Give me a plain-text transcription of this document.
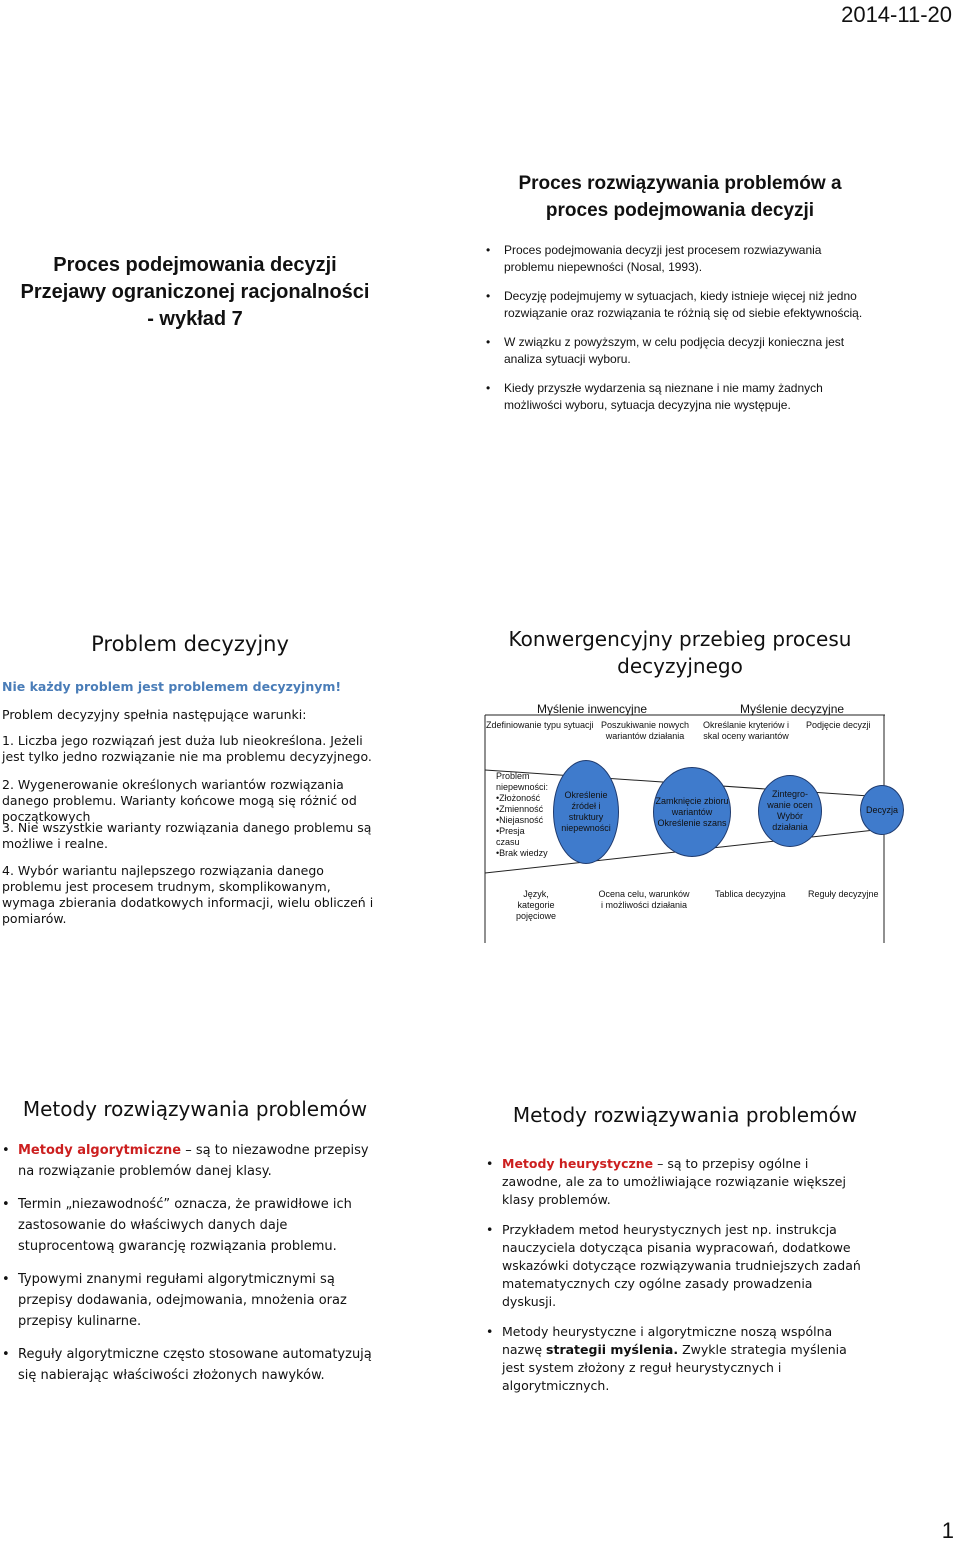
2014-11-20
1
Proces podejmowania decyzji
Przejawy ograniczonej racjonalności
- wykład 7
Proces rozwiązywania problemów a
proces podejmowania decyzji
• Proces podejmowania decyzji jest procesem rozwiazywania problemu niepewności (Nosal, 1993).
• Decyzję podejmujemy w sytuacjach, kiedy istnieje więcej niż jedno rozwiązanie oraz rozwiązania te różnią się od siebie efektywnością.
• W związku z powyższym, w celu podjęcia decyzji konieczna jest analiza sytuacji wyboru.
• Kiedy przyszłe wydarzenia są nieznane i nie mamy żadnych możliwości wyboru, sytuacja decyzyjna nie występuje.
Problem decyzyjny
Nie każdy problem jest problemem decyzyjnym!
Problem decyzyjny spełnia następujące warunki:
1. Liczba jego rozwiązań jest duża lub nieokreślona. Jeżeli jest tylko jedno rozwiązanie nie ma problemu decyzyjnego.
2. Wygenerowanie określonych wariantów rozwiązania danego problemu. Warianty końcowe mogą się różnić od początkowych
3. Nie wszystkie warianty rozwiązania danego problemu są możliwe i realne.
4. Wybór wariantu najlepszego rozwiązania danego problemu jest procesem trudnym, skomplikowanym, wymaga zbierania dodatkowych informacji, wielu obliczeń i pomiarów.
Konwergencyjny przebieg procesu
decyzyjnego
Myślenie inwencyjne	Myślenie decyzyjne
Zdefiniowanie typu sytuacji Poszukiwanie nowych wariantów działania
Określanie kryteriów i skal oceny wariantów
Podjęcie decyzji
Problem
niepewności:
•Złożoność
•Zmienność
•Niejasność
•Presja
czasu
•Brak wiedzy
Określenie źródeł i struktury niepewności
Zamknięcie zbioru wariantów Określenie szans
Zintegro- wanie ocen Wybór działania
Decyzja
Język, kategorie pojęciowe
Ocena celu, warunków i możliwości działania
Tablica decyzyjna	Reguły decyzyjne
Metody rozwiązywania problemów
• Metody algorytmiczne – są to niezawodne przepisy na rozwiązanie problemów danej klasy.
• Termin „niezawodność” oznacza, że prawidłowe ich zastosowanie do właściwych danych daje stuprocentową gwarancję rozwiązania problemu.
• Typowymi znanymi regułami algorytmicznymi są przepisy dodawania, odejmowania, mnożenia oraz przepisy kulinarne.
• Reguły algorytmiczne często stosowane automatyzują się nabierając właściwości złożonych nawyków.
Metody rozwiązywania problemów
• Metody heurystyczne – są to przepisy ogólne i zawodne, ale za to umożliwiające rozwiązanie większej klasy problemów.
• Przykładem metod heurystycznych jest np. instrukcja nauczyciela dotycząca pisania wypracowań, dodatkowe wskazówki dotyczące rozwiązywania trudniejszych zadań matematycznych czy ogólne zasady prowadzenia dyskusji.
• Metody heurystyczne i algorytmiczne noszą wspólna nazwę strategii myślenia. Zwykle strategia myślenia jest system złożony z reguł heurystycznych i algorytmicznych.
